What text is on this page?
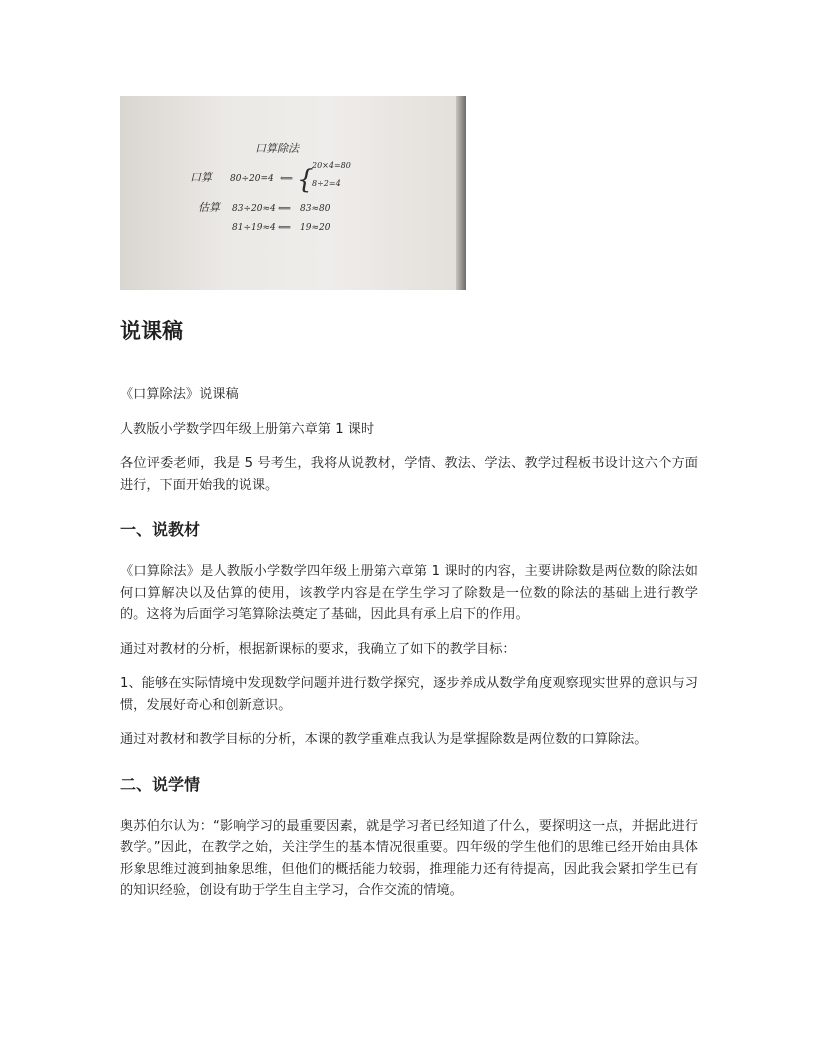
口算除法
口算 80÷20=4 ⟸ {
20×4=80
8÷2=4
估算 83÷20≈4 ⟸ 83≈80
81÷19≈4 ⟸ 19≈20
说课稿

《口算除法》说课稿

人教版小学数学四年级上册第六章第 1 课时

各位评委老师，我是 5 号考生，我将从说教材，学情、教法、学法、教学过程板书设计这六个方面进行，下面开始我的说课。

一、说教材

《口算除法》是人教版小学数学四年级上册第六章第 1 课时的内容，主要讲除数是两位数的除法如何口算解决以及估算的使用，该教学内容是在学生学习了除数是一位数的除法的基础上进行教学的。这将为后面学习笔算除法奠定了基础，因此具有承上启下的作用。

通过对教材的分析，根据新课标的要求，我确立了如下的教学目标：

1、能够在实际情境中发现数学问题并进行数学探究，逐步养成从数学角度观察现实世界的意识与习惯，发展好奇心和创新意识。

通过对教材和教学目标的分析，本课的教学重难点我认为是掌握除数是两位数的口算除法。

二、说学情

奥苏伯尔认为：“影响学习的最重要因素，就是学习者已经知道了什么，要探明这一点，并据此进行教学。”因此，在教学之始，关注学生的基本情况很重要。四年级的学生他们的思维已经开始由具体形象思维过渡到抽象思维，但他们的概括能力较弱，推理能力还有待提高，因此我会紧扣学生已有的知识经验，创设有助于学生自主学习，合作交流的情境。
